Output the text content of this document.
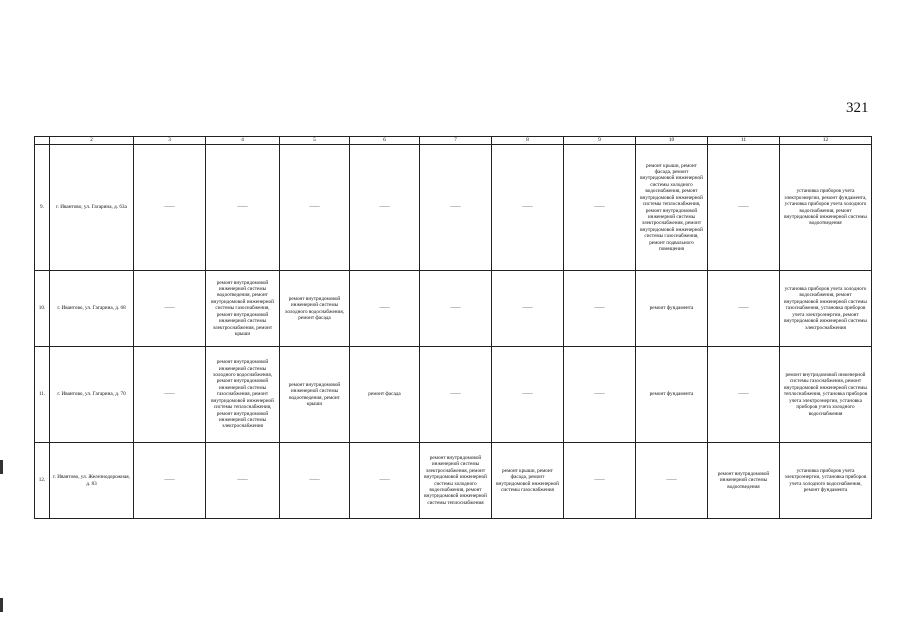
321
	2	3	4	5	6	7	8	9	10	11	12
9.	г. Ивантово, ул. Гагарина, д. 63а	——	——	——	——	——	——	——	ремонт крыши, ремонт фасада, ремонт внутридомовой инженерной системы холодного водоснабжения, ремонт внутридомовой инженерной системы теплоснабжения, ремонт внутридомовой инженерной системы электроснабжения, ремонт внутридомовой инженерной системы газоснабжения, ремонт подвального помещения	——	установка приборов учета электроэнергии, ремонт фундамента, установка приборов учета холодного водоснабжения, ремонт внутридомовой инженерной системы водоотведения
10.	г. Ивантово, ул. Гагарина, д. 68	——	ремонт внутридомовой инженерной системы водоотведения, ремонт внутридомовой инженерной системы газоснабжения, ремонт внутридомовой инженерной системы электроснабжения, ремонт крыши	ремонт внутридомовой инженерной системы холодного водоснабжения, ремонт фасада	——	——	——	——	ремонт фундамента	——	установка приборов учета холодного водоснабжения, ремонт внутридомовой инженерной системы газоснабжения, установка приборов учета электроэнергии, ремонт внутридомовой инженерной системы электроснабжения
11.	г. Ивантово, ул. Гагарина, д. 70	——	ремонт внутридомовой инженерной системы холодного водоснабжения, ремонт внутридомовой инженерной системы газоснабжения, ремонт внутридомовой инженерной системы теплоснабжения, ремонт внутридомовой инженерной системы электроснабжения	ремонт внутридомовой инженерной системы водоотведения, ремонт крыши	ремонт фасада	——	——	——	ремонт фундамента	——	ремонт внутридомовой инженерной системы газоснабжения, ремонт внутридомовой инженерной системы теплоснабжения, установка приборов учета электроэнергии, установка приборов учета холодного водоснабжения
12.	г. Ивантово, ул. Железнодорожная, д. 83	——	——	——	——	ремонт внутридомовой инженерной системы электроснабжения, ремонт внутридомовой инженерной системы холодного водоснабжения, ремонт внутридомовой инженерной системы теплоснабжения	ремонт крыши, ремонт фасада, ремонт внутридомовой инженерной системы газоснабжения	——	——	ремонт внутридомовой инженерной системы водоотведения	установка приборов учета электроэнергии, установка приборов учета холодного водоснабжения, ремонт фундамента
